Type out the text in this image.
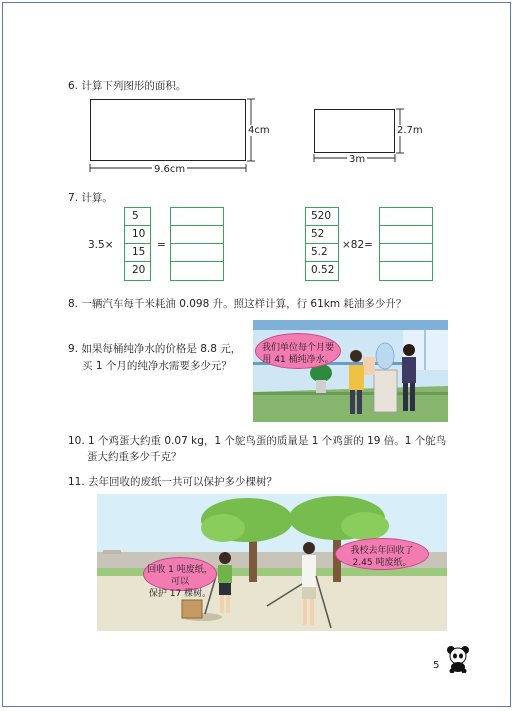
6. 计算下列图形的面积。
9.6cm
4cm
3m
2.7m
7. 计算。
3.5×
5
10
15
20
=
520
52
5.2
0.52
×82=
8. 一辆汽车每千米耗油 0.098 升。照这样计算，行 61km 耗油多少升？
9. 如果每桶纯净水的价格是 8.8 元，
买 1 个月的纯净水需要多少元？
我们单位每个月要
用 41 桶纯净水。
10. 1 个鸡蛋大约重 0.07 kg，1 个鸵鸟蛋的质量是 1 个鸡蛋的 19 倍。1 个鸵鸟
蛋大约重多少千克？
11. 去年回收的废纸一共可以保护多少棵树？
回收 1 吨废纸，可以
保护 17 棵树。
我校去年回收了
2.45 吨废纸。
5
